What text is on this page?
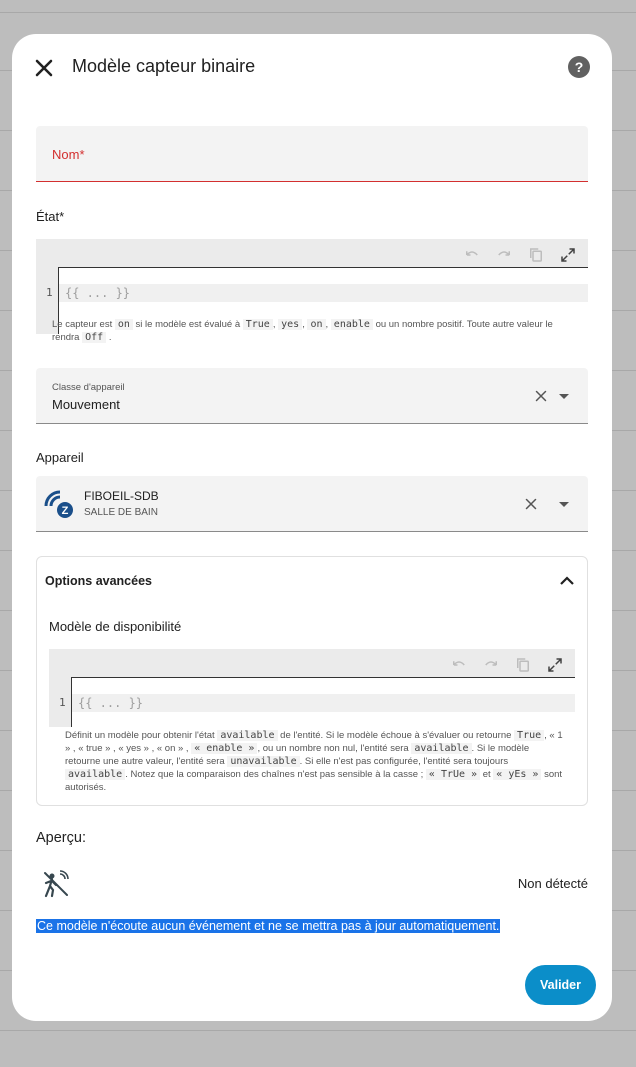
Modèle capteur binaire	?
Nom*
État*
{{ ... }}
1
Le capteur est on si le modèle est évalué à True , yes , on , enable ou un nombre positif. Toute autre valeur le rendra Off .
Classe d'appareil
Mouvement
Appareil
Z
FIBOEIL-SDB
SALLE DE BAIN
Options avancées
Modèle de disponibilité
{{ ... }}
1
Définit un modèle pour obtenir l'état available de l'entité. Si le modèle échoue à s'évaluer ou retourne True , « 1 » , « true » , « yes » , « on » , « enable » , ou un nombre non nul, l'entité sera available . Si le modèle retourne une autre valeur, l'entité sera unavailable . Si elle n'est pas configurée, l'entité sera toujours available . Notez que la comparaison des chaînes n'est pas sensible à la casse ; « TrUe » et « yEs » sont autorisés.
Aperçu:
Non détecté
Ce modèle n'écoute aucun événement et ne se mettra pas à jour automatiquement.
Valider
